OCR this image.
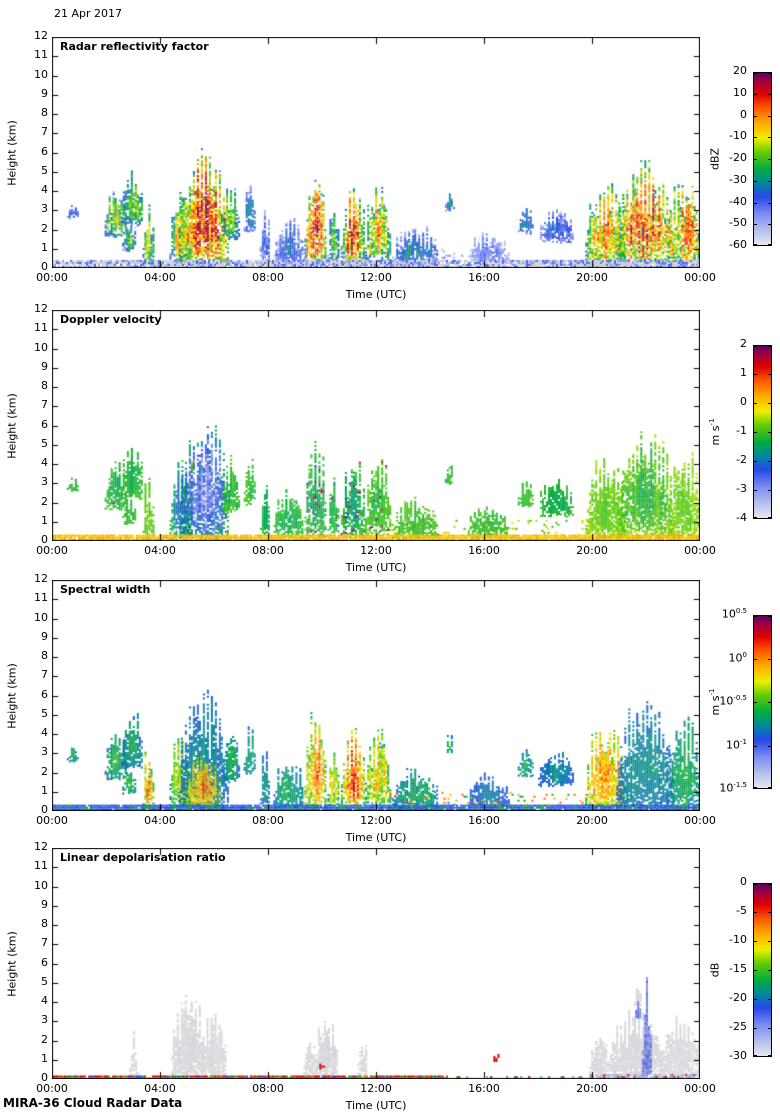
21 Apr 2017
Radar reflectivity factor
Height (km)
Time (UTC)
0
1
2
3
4
5
6
7
8
9
10
11
12
00:00	04:00	08:00	12:00	16:00	20:00	00:00
20
10
0
-10
-20
-30
-40
-50
-60
dBZ
Doppler velocity
Height (km)
Time (UTC)
0
1
2
3
4
5
6
7
8
9
10
11
12
00:00	04:00	08:00	12:00	16:00	20:00	00:00
2
1
0
-1
-2
-3
-4
m $s^{-1}$
Spectral width
Height (km)
Time (UTC)
0
1
2
3
4
5
6
7
8
9
10
11
12
00:00	04:00	08:00	12:00	16:00	20:00	00:00
$10^{0.5}$
$10^0$
$10^{-0.5}$
$10^{-1}$
$10^{-1.5}$
m $s^{-1}$
Linear depolarisation ratio
Height (km)
Time (UTC)
0
1
2
3
4
5
6
7
8
9
10
11
12
00:00	04:00	08:00	12:00	16:00	20:00	00:00
0
-5
-10
-15
-20
-25
-30
dB
MIRA-36 Cloud Radar Data
